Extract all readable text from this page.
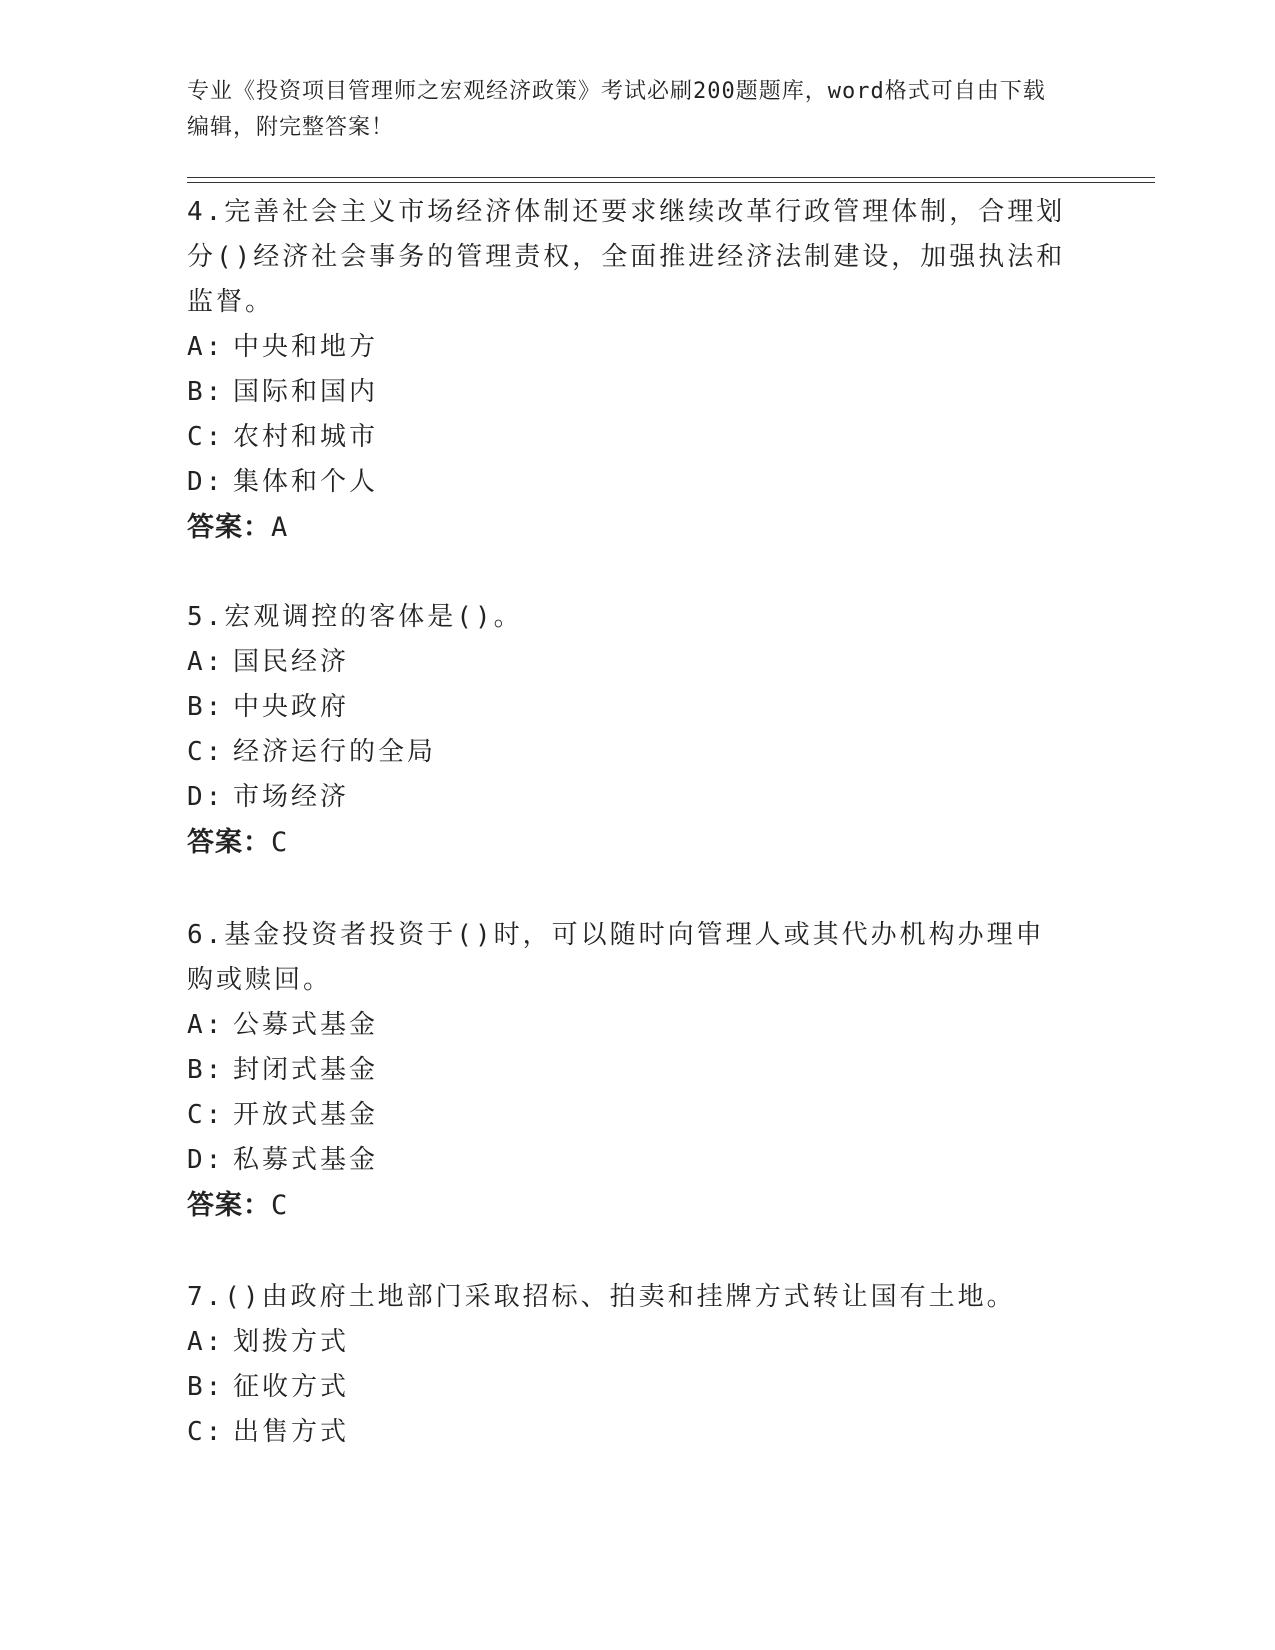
专业《投资项目管理师之宏观经济政策》考试必刷200题题库，word格式可自由下载编辑，附完整答案！

4.完善社会主义市场经济体制还要求继续改革行政管理体制，合理划分()经济社会事务的管理责权，全面推进经济法制建设，加强执法和监督。

A: 中央和地方
B: 国际和国内
C: 农村和城市
D: 集体和个人
答案：A

5.宏观调控的客体是()。

A: 国民经济
B: 中央政府
C: 经济运行的全局
D: 市场经济
答案：C

6.基金投资者投资于()时，可以随时向管理人或其代办机构办理申购或赎回。

A: 公募式基金
B: 封闭式基金
C: 开放式基金
D: 私募式基金
答案：C

7.()由政府土地部门采取招标、拍卖和挂牌方式转让国有土地。

A: 划拨方式
B: 征收方式
C: 出售方式
